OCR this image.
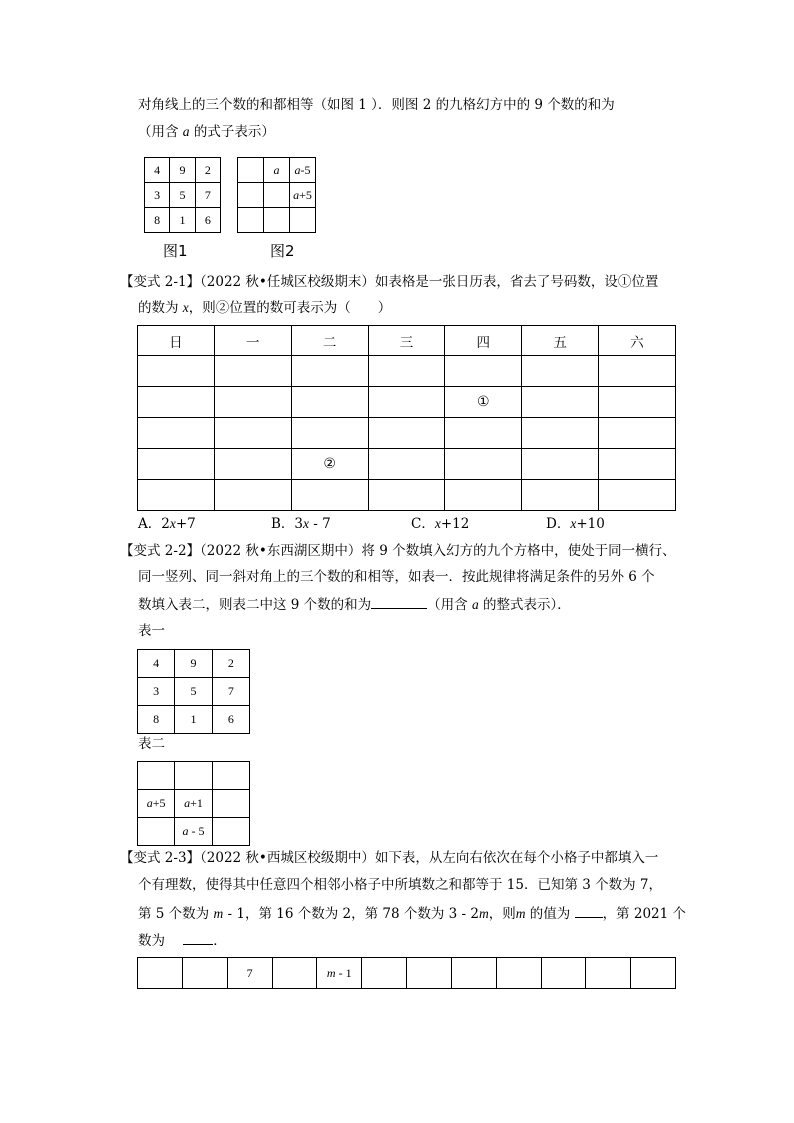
对角线上的三个数的和都相等（如图 1 ）．则图 2 的九格幻方中的 9 个数的和为
（用含 a 的式子表示）
4	9	2
3	5	7
8	1	6
图1
	a	a-5
		a+5

图2
【变式 2-1】（2022 秋•任城区校级期末）如表格是一张日历表，省去了号码数，设①位置
的数为 x，则②位置的数可表示为（　　）
日	一	二	三	四	五	六

				①		

		②				

A．2x+7	B．3x - 7	C．x+12	D．x+10
【变式 2-2】（2022 秋•东西湖区期中）将 9 个数填入幻方的九个方格中，使处于同一横行、
同一竖列、同一斜对角上的三个数的和相等，如表一．按此规律将满足条件的另外 6 个
数填入表二，则表二中这 9 个数的和为	（用含 a 的整式表示）．
表一
4	9	2
3	5	7
8	1	6
表二

a+5	a+1	
	a - 5	
【变式 2-3】（2022 秋•西城区校级期中）如下表，从左向右依次在每个小格子中都填入一
个有理数，使得其中任意四个相邻小格子中所填数之和都等于 15．已知第 3 个数为 7，
第 5 个数为 m - 1，第 16 个数为 2，第 78 个数为 3 - 2m，则m 的值为 ，第 2021 个
数为	．
		7		m - 1							
